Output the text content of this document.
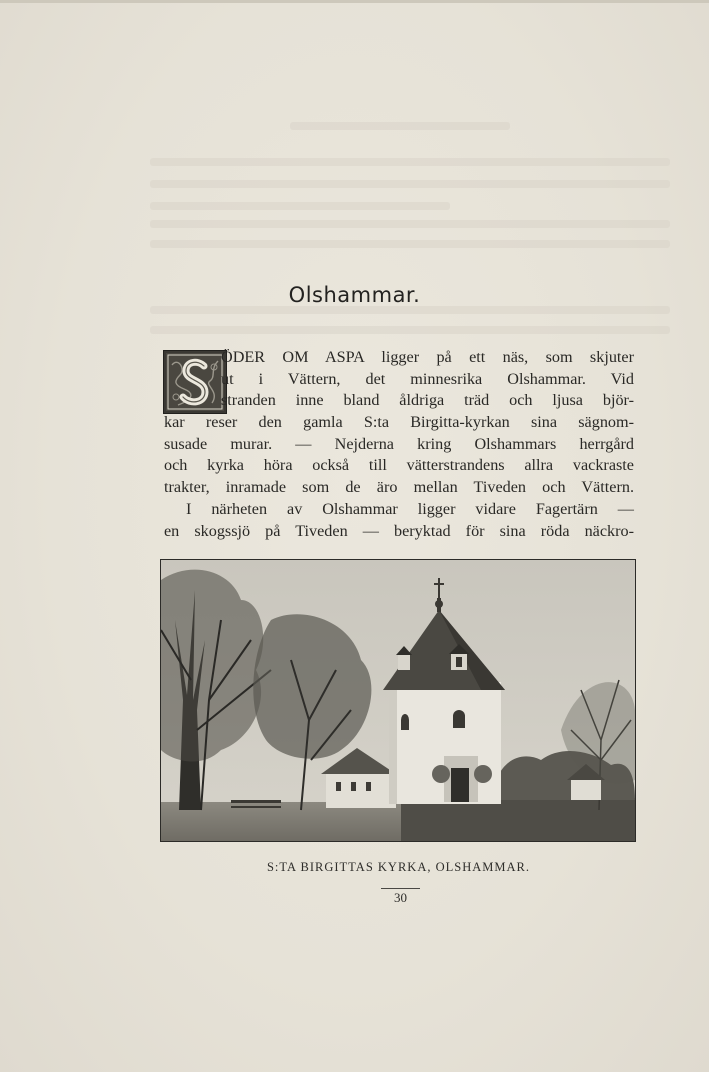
Olshammar.
ÖDER OM ASPA ligger på ett näs, som skjuter
ut i Vättern, det minnesrika Olshammar. Vid
stranden inne bland åldriga träd och ljusa björ-
kar reser den gamla S:ta Birgitta-kyrkan sina sägnom-
susade murar. — Nejderna kring Olshammars herrgård
och kyrka höra också till vätterstrandens allra vackraste
trakter, inramade som de äro mellan Tiveden och Vättern.
I närheten av Olshammar ligger vidare Fagertärn —
en skogssjö på Tiveden — beryktad för sina röda näckro-
S:TA BIRGITTAS KYRKA, OLSHAMMAR.
30
